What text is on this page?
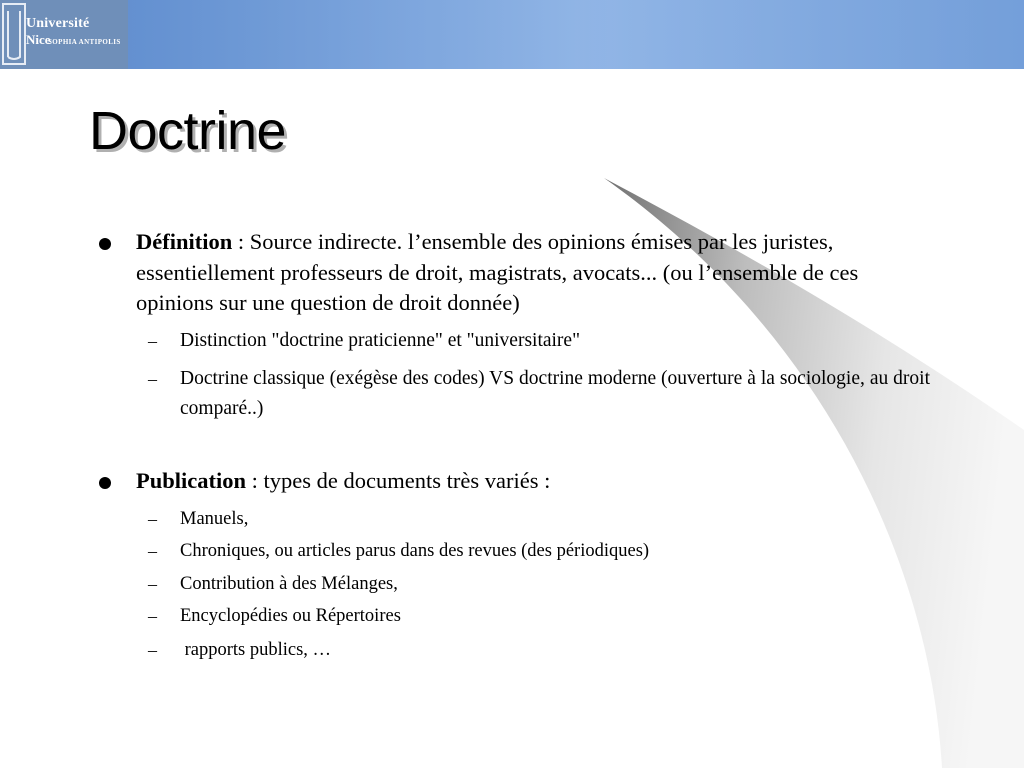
Université
Nice
SOPHIA ANTIPOLIS
Doctrine
Définition : Source indirecte. l’ensemble des opinions émises par les juristes, essentiellement professeurs de droit, magistrats, avocats... (ou l’ensemble de ces opinions sur une question de droit donnée)
– Distinction "doctrine praticienne" et "universitaire"
– Doctrine classique (exégèse des codes) VS doctrine moderne (ouverture à la sociologie, au droit comparé..)
Publication : types de documents très variés :
– Manuels,
– Chroniques, ou articles parus dans des revues (des périodiques)
– Contribution à des Mélanges,
– Encyclopédies ou Répertoires
– rapports publics, …
